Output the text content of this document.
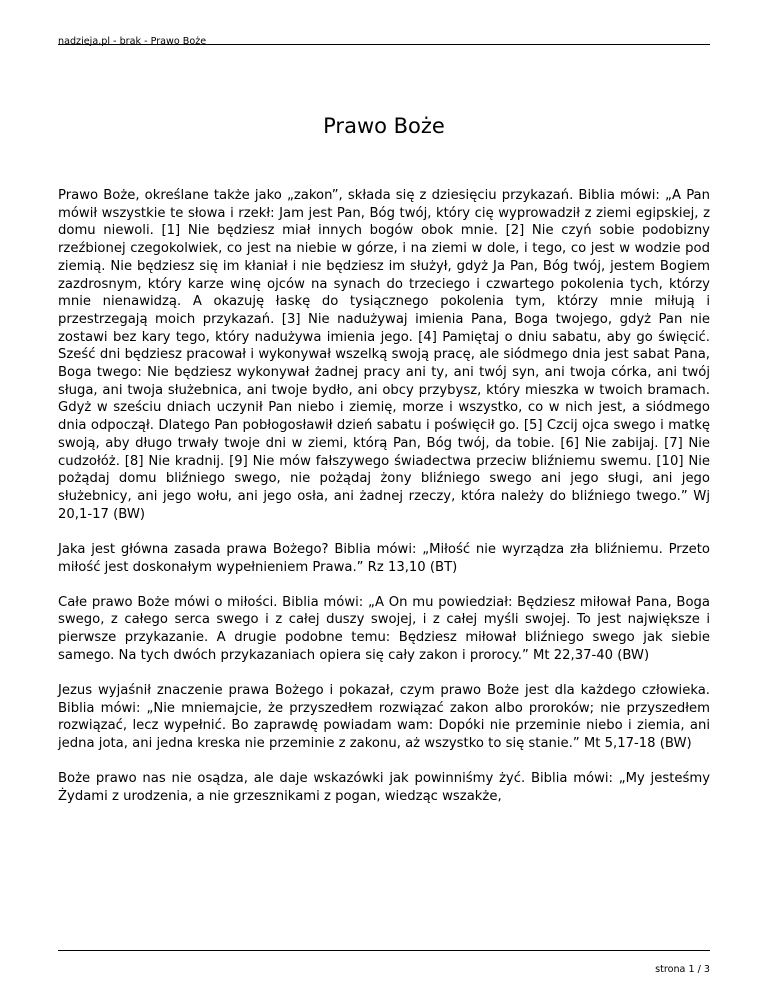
nadzieja.pl - brak - Prawo Boże
Prawo Boże

Prawo Boże, określane także jako „zakon”, składa się z dziesięciu przykazań. Biblia mówi: „A Pan mówił wszystkie te słowa i rzekł: Jam jest Pan, Bóg twój, który cię wyprowadził z ziemi egipskiej, z domu niewoli. [1] Nie będziesz miał innych bogów obok mnie. [2] Nie czyń sobie podobizny rzeźbionej czegokolwiek, co jest na niebie w górze, i na ziemi w dole, i tego, co jest w wodzie pod ziemią. Nie będziesz się im kłaniał i nie będziesz im służył, gdyż Ja Pan, Bóg twój, jestem Bogiem zazdrosnym, który karze winę ojców na synach do trzeciego i czwartego pokolenia tych, którzy mnie nienawidzą. A okazuję łaskę do tysiącznego pokolenia tym, którzy mnie miłują i przestrzegają moich przykazań. [3] Nie nadużywaj imienia Pana, Boga twojego, gdyż Pan nie zostawi bez kary tego, który nadużywa imienia jego. [4] Pamiętaj o dniu sabatu, aby go święcić. Sześć dni będziesz pracował i wykonywał wszelką swoją pracę, ale siódmego dnia jest sabat Pana, Boga twego: Nie będziesz wykonywał żadnej pracy ani ty, ani twój syn, ani twoja córka, ani twój sługa, ani twoja służebnica, ani twoje bydło, ani obcy przybysz, który mieszka w twoich bramach. Gdyż w sześciu dniach uczynił Pan niebo i ziemię, morze i wszystko, co w nich jest, a siódmego dnia odpoczął. Dlatego Pan pobłogosławił dzień sabatu i poświęcił go. [5] Czcij ojca swego i matkę swoją, aby długo trwały twoje dni w ziemi, którą Pan, Bóg twój, da tobie. [6] Nie zabijaj. [7] Nie cudzołóż. [8] Nie kradnij. [9] Nie mów fałszywego świadectwa przeciw bliźniemu swemu. [10] Nie pożądaj domu bliźniego swego, nie pożądaj żony bliźniego swego ani jego sługi, ani jego służebnicy, ani jego wołu, ani jego osła, ani żadnej rzeczy, która należy do bliźniego twego.” Wj 20,1-17 (BW)

Jaka jest główna zasada prawa Bożego? Biblia mówi: „Miłość nie wyrządza zła bliźniemu. Przeto miłość jest doskonałym wypełnieniem Prawa.” Rz 13,10 (BT)

Całe prawo Boże mówi o miłości. Biblia mówi: „A On mu powiedział: Będziesz miłował Pana, Boga swego, z całego serca swego i z całej duszy swojej, i z całej myśli swojej. To jest największe i pierwsze przykazanie. A drugie podobne temu: Będziesz miłował bliźniego swego jak siebie samego. Na tych dwóch przykazaniach opiera się cały zakon i prorocy.” Mt 22,37-40 (BW)

Jezus wyjaśnił znaczenie prawa Bożego i pokazał, czym prawo Boże jest dla każdego człowieka. Biblia mówi: „Nie mniemajcie, że przyszedłem rozwiązać zakon albo proroków; nie przyszedłem rozwiązać, lecz wypełnić. Bo zaprawdę powiadam wam: Dopóki nie przeminie niebo i ziemia, ani jedna jota, ani jedna kreska nie przeminie z zakonu, aż wszystko to się stanie.” Mt 5,17-18 (BW)

Boże prawo nas nie osądza, ale daje wskazówki jak powinniśmy żyć. Biblia mówi: „My jesteśmy Żydami z urodzenia, a nie grzesznikami z pogan, wiedząc wszakże,

strona 1 / 3
